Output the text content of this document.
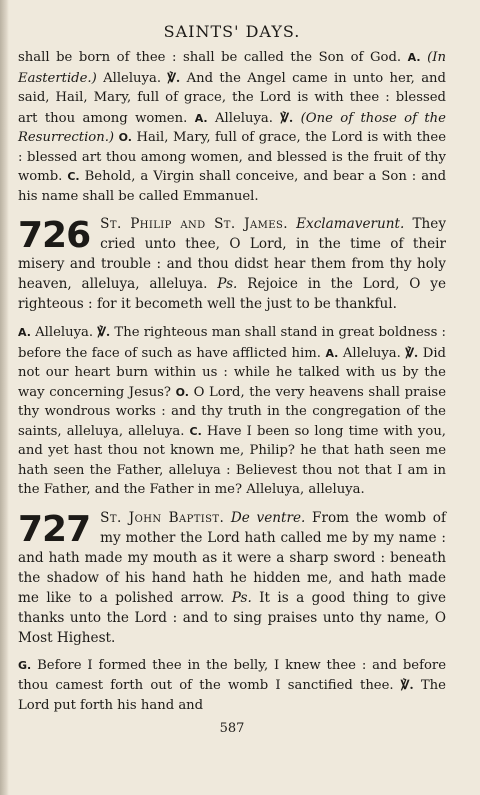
SAINTS' DAYS.

shall be born of thee : shall be called the Son of God. A. (In Eastertide.) Alleluya. ℣. And the Angel came in unto her, and said, Hail, Mary, full of grace, the Lord is with thee : blessed art thou among women. A. Alleluya. ℣. (One of those of the Resurrection.) O. Hail, Mary, full of grace, the Lord is with thee : blessed art thou among women, and blessed is the fruit of thy womb. C. Behold, a Virgin shall conceive, and bear a Son : and his name shall be called Emmanuel.

726 St. Philip and St. James. Exclamaverunt. They cried unto thee, O Lord, in the time of their misery and trouble : and thou didst hear them from thy holy heaven, alleluya, alleluya. Ps. Rejoice in the Lord, O ye righteous : for it becometh well the just to be thankful.

A. Alleluya. ℣. The righteous man shall stand in great boldness : before the face of such as have afflicted him. A. Alleluya. ℣. Did not our heart burn within us : while he talked with us by the way concerning Jesus? O. O Lord, the very heavens shall praise thy wondrous works : and thy truth in the congregation of the saints, alleluya, alleluya. C. Have I been so long time with you, and yet hast thou not known me, Philip? he that hath seen me hath seen the Father, alleluya : Believest thou not that I am in the Father, and the Father in me? Alleluya, alleluya.

727 St. John Baptist. De ventre. From the womb of my mother the Lord hath called me by my name : and hath made my mouth as it were a sharp sword : beneath the shadow of his hand hath he hidden me, and hath made me like to a polished arrow. Ps. It is a good thing to give thanks unto the Lord : and to sing praises unto thy name, O Most Highest.

G. Before I formed thee in the belly, I knew thee : and before thou camest forth out of the womb I sanctified thee. ℣. The Lord put forth his hand and

587
